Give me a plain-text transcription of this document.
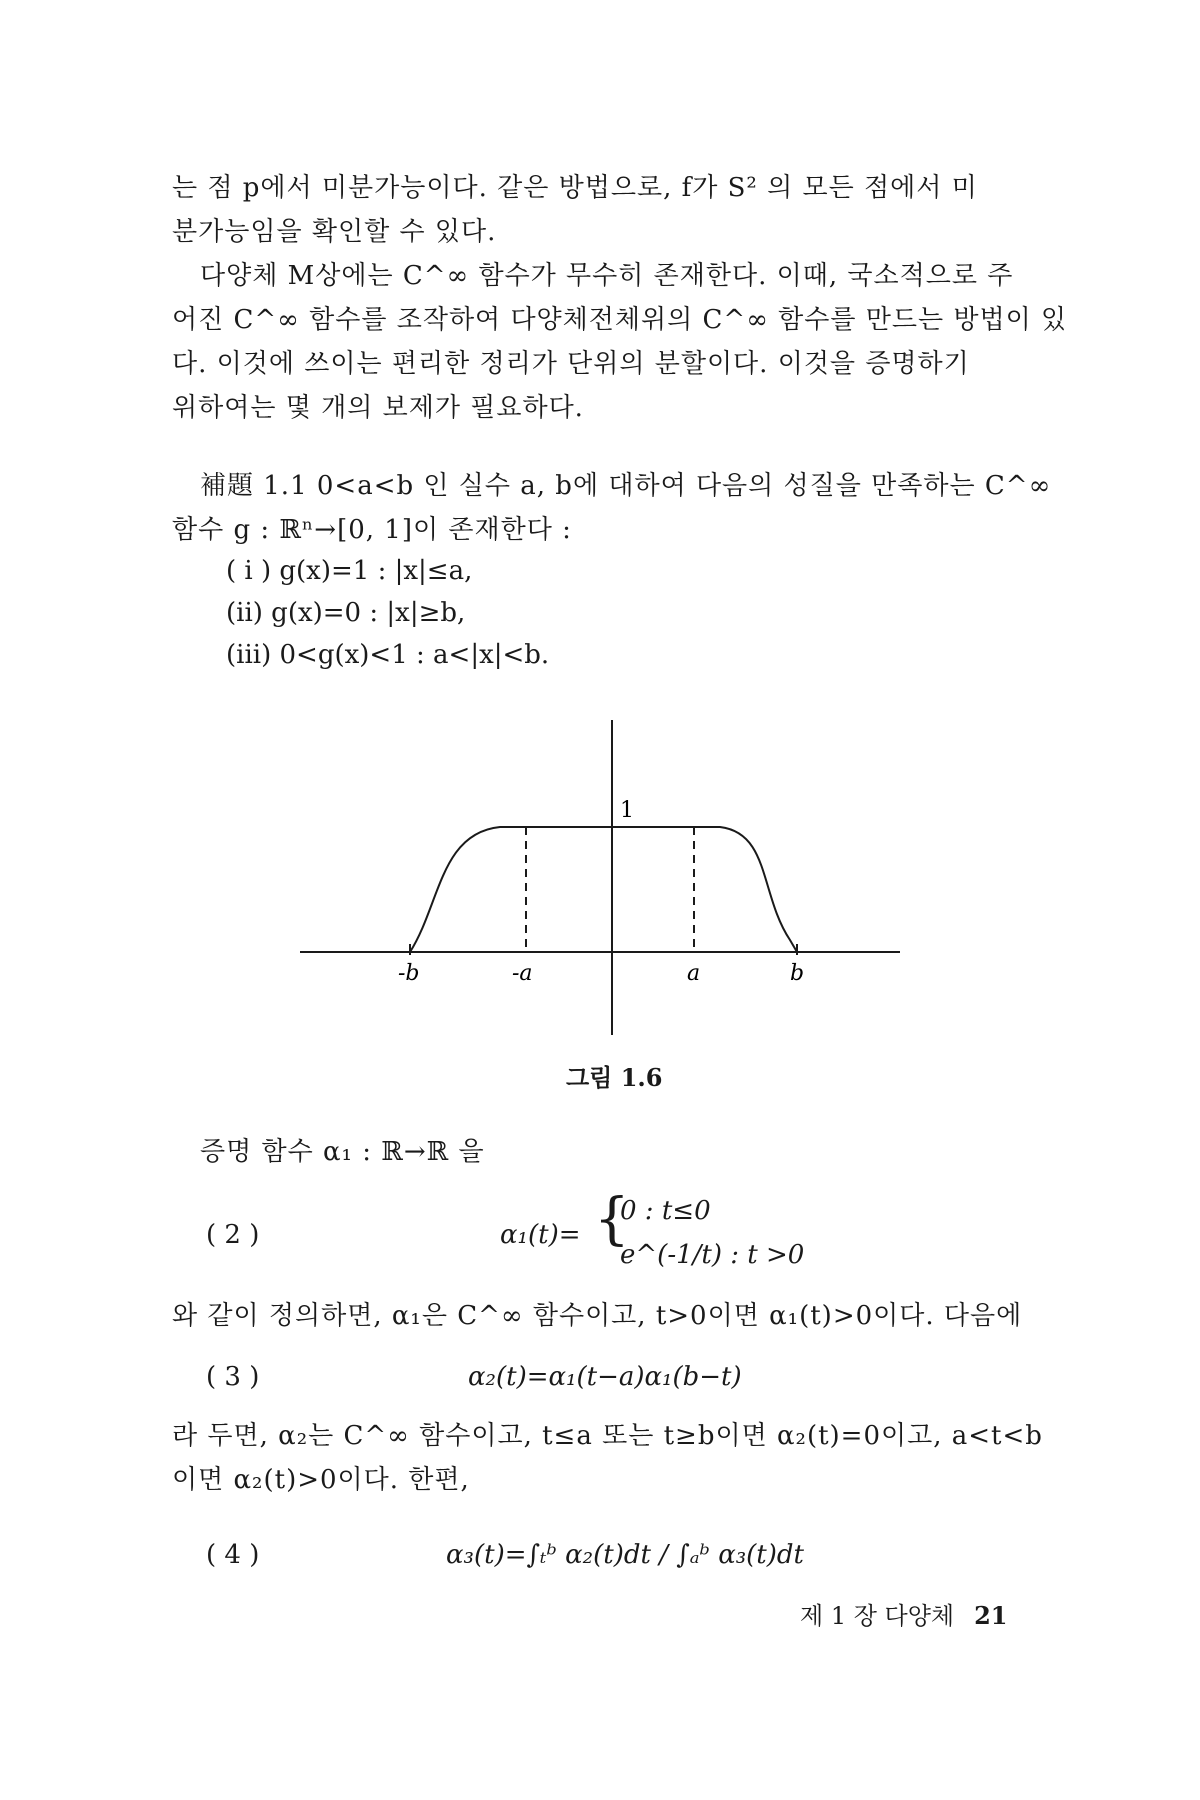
는 점 p에서 미분가능이다. 같은 방법으로, f가 S² 의 모든 점에서 미
분가능임을 확인할 수 있다.
다양체 M상에는 C^∞ 함수가 무수히 존재한다. 이때, 국소적으로 주
어진 C^∞ 함수를 조작하여 다양체전체위의 C^∞ 함수를 만드는 방법이 있
다. 이것에 쓰이는 편리한 정리가 단위의 분할이다. 이것을 증명하기
위하여는 몇 개의 보제가 필요하다.
補題 1.1 0<a<b 인 실수 a, b에 대하여 다음의 성질을 만족하는 C^∞
함수 g : ℝⁿ→[0, 1]이 존재한다 :
( i ) g(x)=1 : |x|≤a,
(ii) g(x)=0 : |x|≥b,
(iii) 0<g(x)<1 : a<|x|<b.
1
-b	-a	a	b
그림 1.6
증명 함수 α₁ : ℝ→ℝ 을
( 2 )	α₁(t)= {
0 : t≤0
e^(-1/t) : t >0
와 같이 정의하면, α₁은 C^∞ 함수이고, t>0이면 α₁(t)>0이다. 다음에
( 3 )	α₂(t)=α₁(t−a)α₁(b−t)
라 두면, α₂는 C^∞ 함수이고, t≤a 또는 t≥b이면 α₂(t)=0이고, a<t<b
이면 α₂(t)>0이다. 한편,
( 4 )	α₃(t)=∫ₜᵇ α₂(t)dt / ∫ₐᵇ α₃(t)dt
제 1 장 다양체 21
